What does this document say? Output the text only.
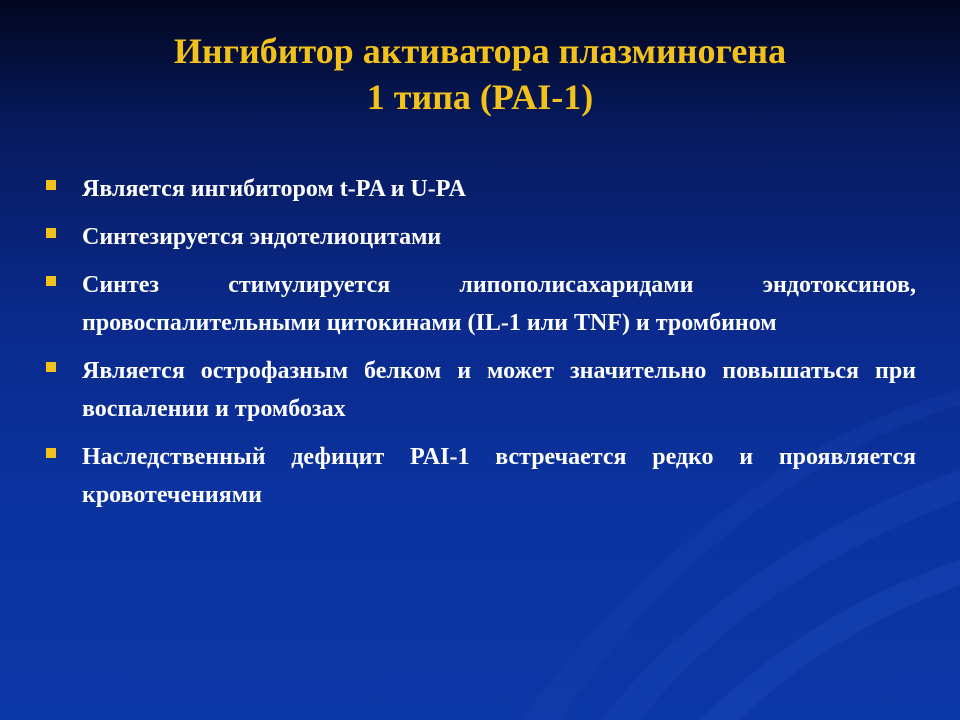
Ингибитор активатора плазминогена
1 типа (PAI-1)
Является ингибитором t-PA и U-PA
Синтезируется эндотелиоцитами
Синтез стимулируется липополисахаридами эндотоксинов, провоспалительными цитокинами (IL-1 или TNF) и тромбином
Является острофазным белком и может значительно повышаться при воспалении и тромбозах
Наследственный дефицит PAI-1 встречается редко и проявляется кровотечениями
